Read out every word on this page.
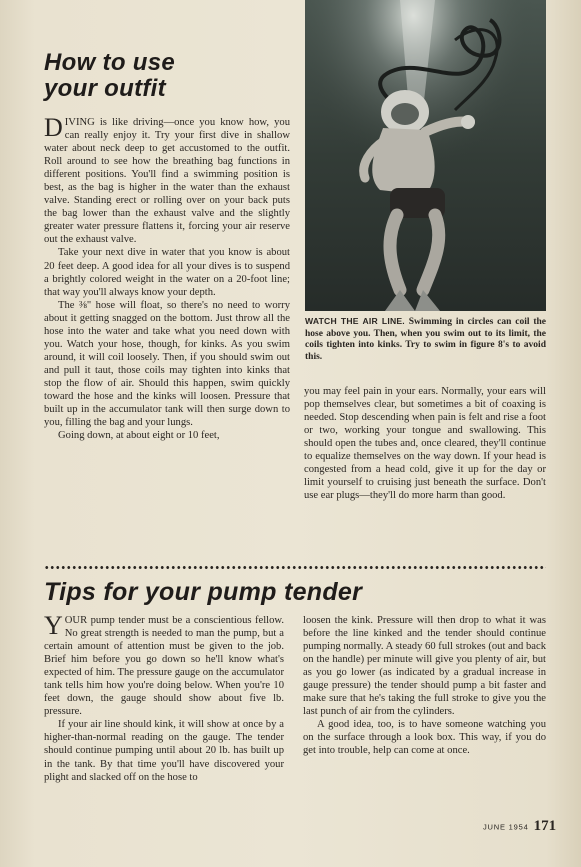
How to use
your outfit

DIVING is like driving—once you know how, you can really enjoy it. Try your first dive in shallow water about neck deep to get accustomed to the outfit. Roll around to see how the breathing bag functions in different positions. You'll find a swimming position is best, as the bag is higher in the water than the exhaust valve. Standing erect or rolling over on your back puts the bag lower than the exhaust valve and the slightly greater water pressure flattens it, forcing your air reserve out the exhaust valve.

Take your next dive in water that you know is about 20 feet deep. A good idea for all your dives is to suspend a brightly colored weight in the water on a 20-foot line; that way you'll always know your depth.

The ⅜" hose will float, so there's no need to worry about it getting snagged on the bottom. Just throw all the hose into the water and take what you need down with you. Watch your hose, though, for kinks. As you swim around, it will coil loosely. Then, if you should swim out and pull it taut, those coils may tighten into kinks that stop the flow of air. Should this happen, swim quickly toward the hose and the kinks will loosen. Pressure that built up in the accumulator tank will then surge down to you, filling the bag and your lungs.

Going down, at about eight or 10 feet,

WATCH THE AIR LINE. Swimming in circles can coil the hose above you. Then, when you swim out to its limit, the coils tighten into kinks. Try to swim in figure 8's to avoid this.

you may feel pain in your ears. Normally, your ears will pop themselves clear, but sometimes a bit of coaxing is needed. Stop descending when pain is felt and rise a foot or two, working your tongue and swallowing. This should open the tubes and, once cleared, they'll continue to equalize themselves on the way down. If your head is congested from a head cold, give it up for the day or limit yourself to cruising just beneath the surface. Don't use ear plugs—they'll do more harm than good.

Tips for your pump tender

YOUR pump tender must be a conscientious fellow. No great strength is needed to man the pump, but a certain amount of attention must be given to the job. Brief him before you go down so he'll know what's expected of him. The pressure gauge on the accumulator tank tells him how you're doing below. When you're 10 feet down, the gauge should show about five lb. pressure.

If your air line should kink, it will show at once by a higher-than-normal reading on the gauge. The tender should continue pumping until about 20 lb. has built up in the tank. By that time you'll have discovered your plight and slacked off on the hose to

loosen the kink. Pressure will then drop to what it was before the line kinked and the tender should continue pumping normally. A steady 60 full strokes (out and back on the handle) per minute will give you plenty of air, but as you go lower (as indicated by a gradual increase in gauge pressure) the tender should pump a bit faster and make sure that he's taking the full stroke to give you the last punch of air from the cylinders.

A good idea, too, is to have someone watching you on the surface through a look box. This way, if you do get into trouble, help can come at once.

JUNE 1954 171
